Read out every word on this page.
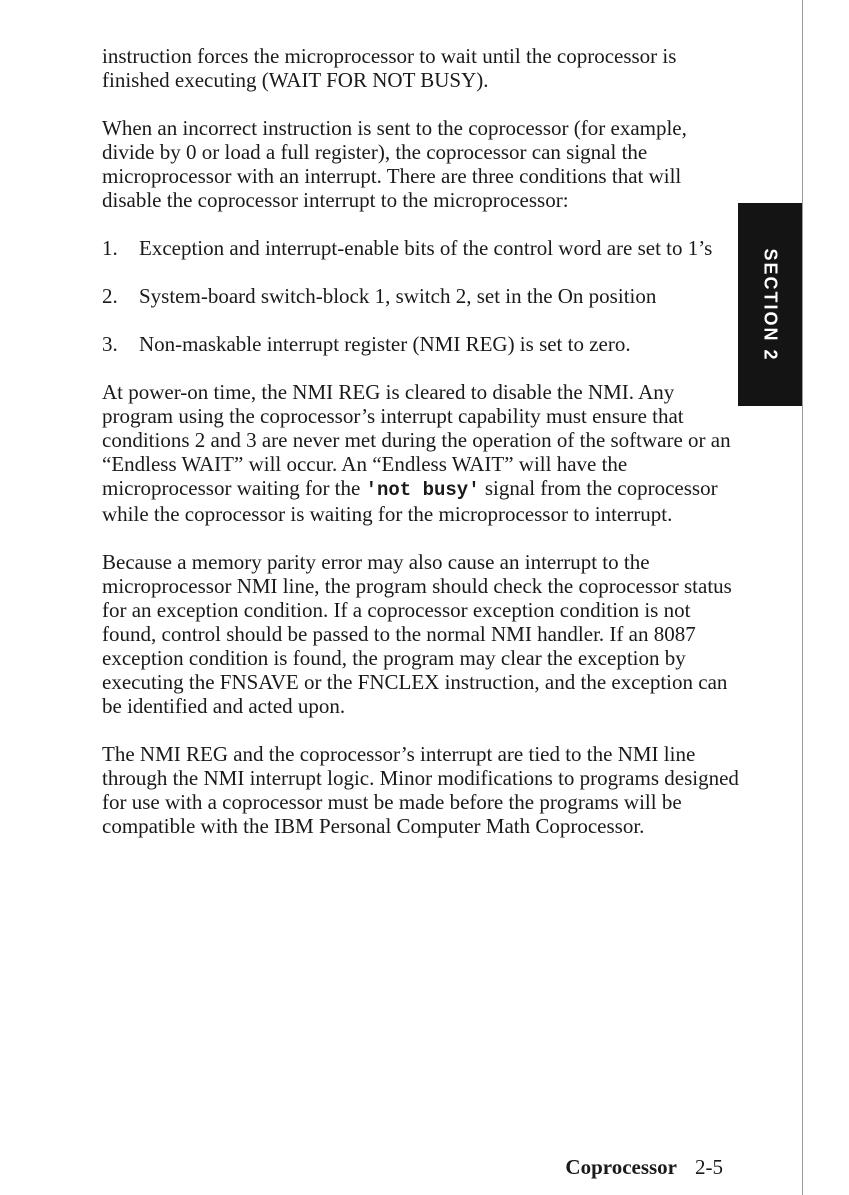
instruction forces the microprocessor to wait until the coprocessor is finished executing (WAIT FOR NOT BUSY).

When an incorrect instruction is sent to the coprocessor (for example, divide by 0 or load a full register), the coprocessor can signal the microprocessor with an interrupt. There are three conditions that will disable the coprocessor interrupt to the microprocessor:

1.	Exception and interrupt-enable bits of the control word are set to 1’s
2.	System-board switch-block 1, switch 2, set in the On position
3.	Non-maskable interrupt register (NMI REG) is set to zero.

At power-on time, the NMI REG is cleared to disable the NMI. Any program using the coprocessor’s interrupt capability must ensure that conditions 2 and 3 are never met during the operation of the software or an “Endless WAIT” will occur. An “Endless WAIT” will have the microprocessor waiting for the 'not busy' signal from the coprocessor while the coprocessor is waiting for the microprocessor to interrupt.

Because a memory parity error may also cause an interrupt to the microprocessor NMI line, the program should check the coprocessor status for an exception condition. If a coprocessor exception condition is not found, control should be passed to the normal NMI handler. If an 8087 exception condition is found, the program may clear the exception by executing the FNSAVE or the FNCLEX instruction, and the exception can be identified and acted upon.

The NMI REG and the coprocessor’s interrupt are tied to the NMI line through the NMI interrupt logic. Minor modifications to programs designed for use with a coprocessor must be made before the programs will be compatible with the IBM Personal Computer Math Coprocessor.

SECTION 2
Coprocessor 2-5
